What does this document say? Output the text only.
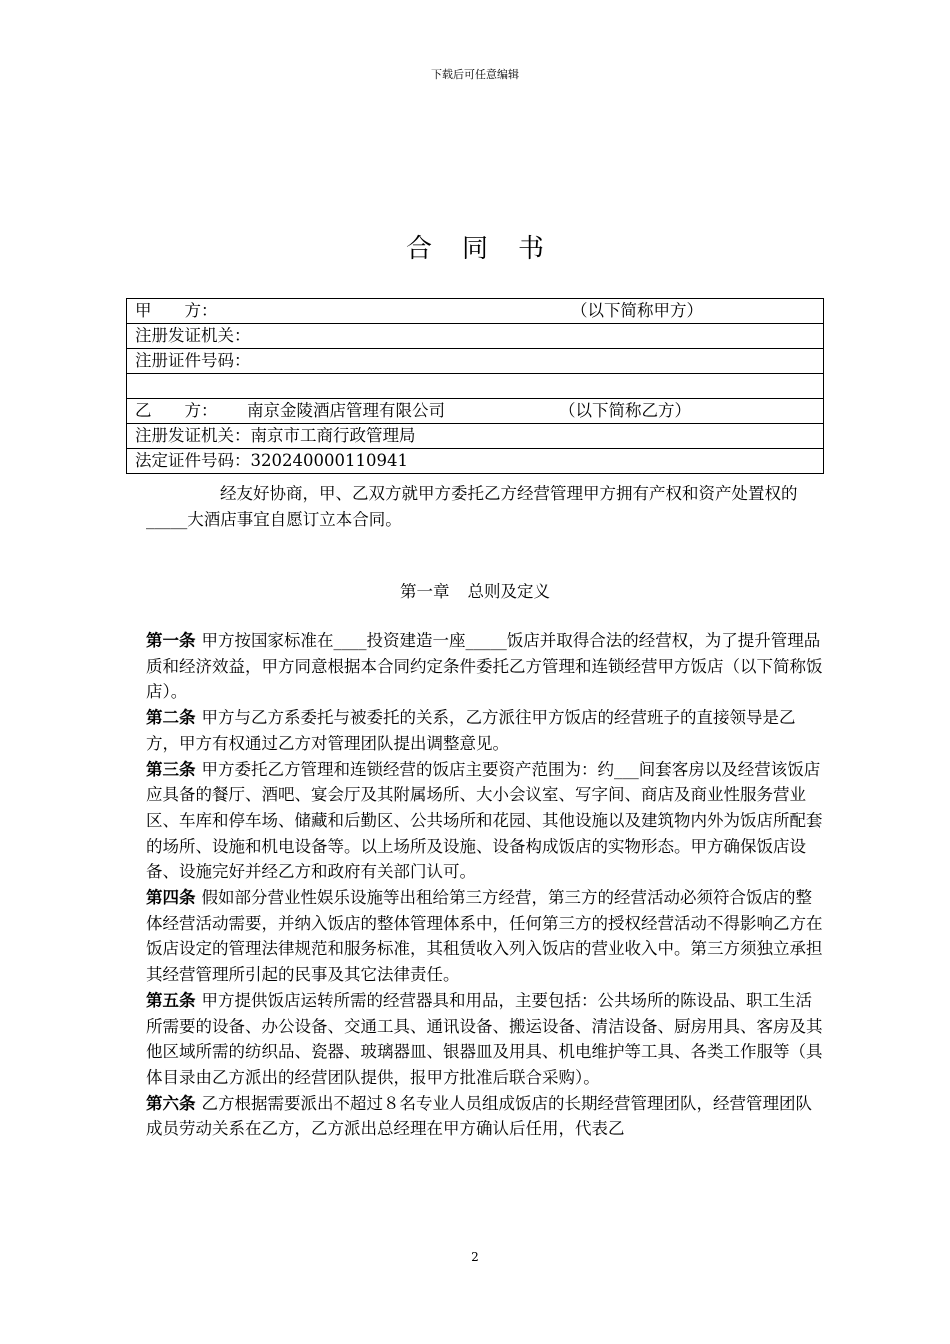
下载后可任意编辑
合同书
甲　　方：	（以下简称甲方）

注册发证机关：
注册证件号码：

乙　　方： 南京金陵酒店管理有限公司	（以下简称乙方）

注册发证机关：南京市工商行政管理局
法定证件号码：320240000110941
经友好协商，甲、乙双方就甲方委托乙方经营管理甲方拥有产权和资产处置权的_____大酒店事宜自愿订立本合同。
第一章 总则及定义

第一条 甲方按国家标准在____投资建造一座_____饭店并取得合法的经营权，为了提升管理品质和经济效益，甲方同意根据本合同约定条件委托乙方管理和连锁经营甲方饭店（以下简称饭店）。

第二条 甲方与乙方系委托与被委托的关系，乙方派往甲方饭店的经营班子的直接领导是乙方，甲方有权通过乙方对管理团队提出调整意见。

第三条 甲方委托乙方管理和连锁经营的饭店主要资产范围为：约___间套客房以及经营该饭店应具备的餐厅、酒吧、宴会厅及其附属场所、大小会议室、写字间、商店及商业性服务营业区、车库和停车场、储藏和后勤区、公共场所和花园、其他设施以及建筑物内外为饭店所配套的场所、设施和机电设备等。以上场所及设施、设备构成饭店的实物形态。甲方确保饭店设备、设施完好并经乙方和政府有关部门认可。

第四条 假如部分营业性娱乐设施等出租给第三方经营，第三方的经营活动必须符合饭店的整体经营活动需要，并纳入饭店的整体管理体系中，任何第三方的授权经营活动不得影响乙方在饭店设定的管理法律规范和服务标准，其租赁收入列入饭店的营业收入中。第三方须独立承担其经营管理所引起的民事及其它法律责任。

第五条 甲方提供饭店运转所需的经营器具和用品，主要包括：公共场所的陈设品、职工生活所需要的设备、办公设备、交通工具、通讯设备、搬运设备、清洁设备、厨房用具、客房及其他区域所需的纺织品、瓷器、玻璃器皿、银器皿及用具、机电维护等工具、各类工作服等（具体目录由乙方派出的经营团队提供，报甲方批准后联合采购）。

第六条 乙方根据需要派出不超过８名专业人员组成饭店的长期经营管理团队，经营管理团队成员劳动关系在乙方，乙方派出总经理在甲方确认后任用，代表乙

2
